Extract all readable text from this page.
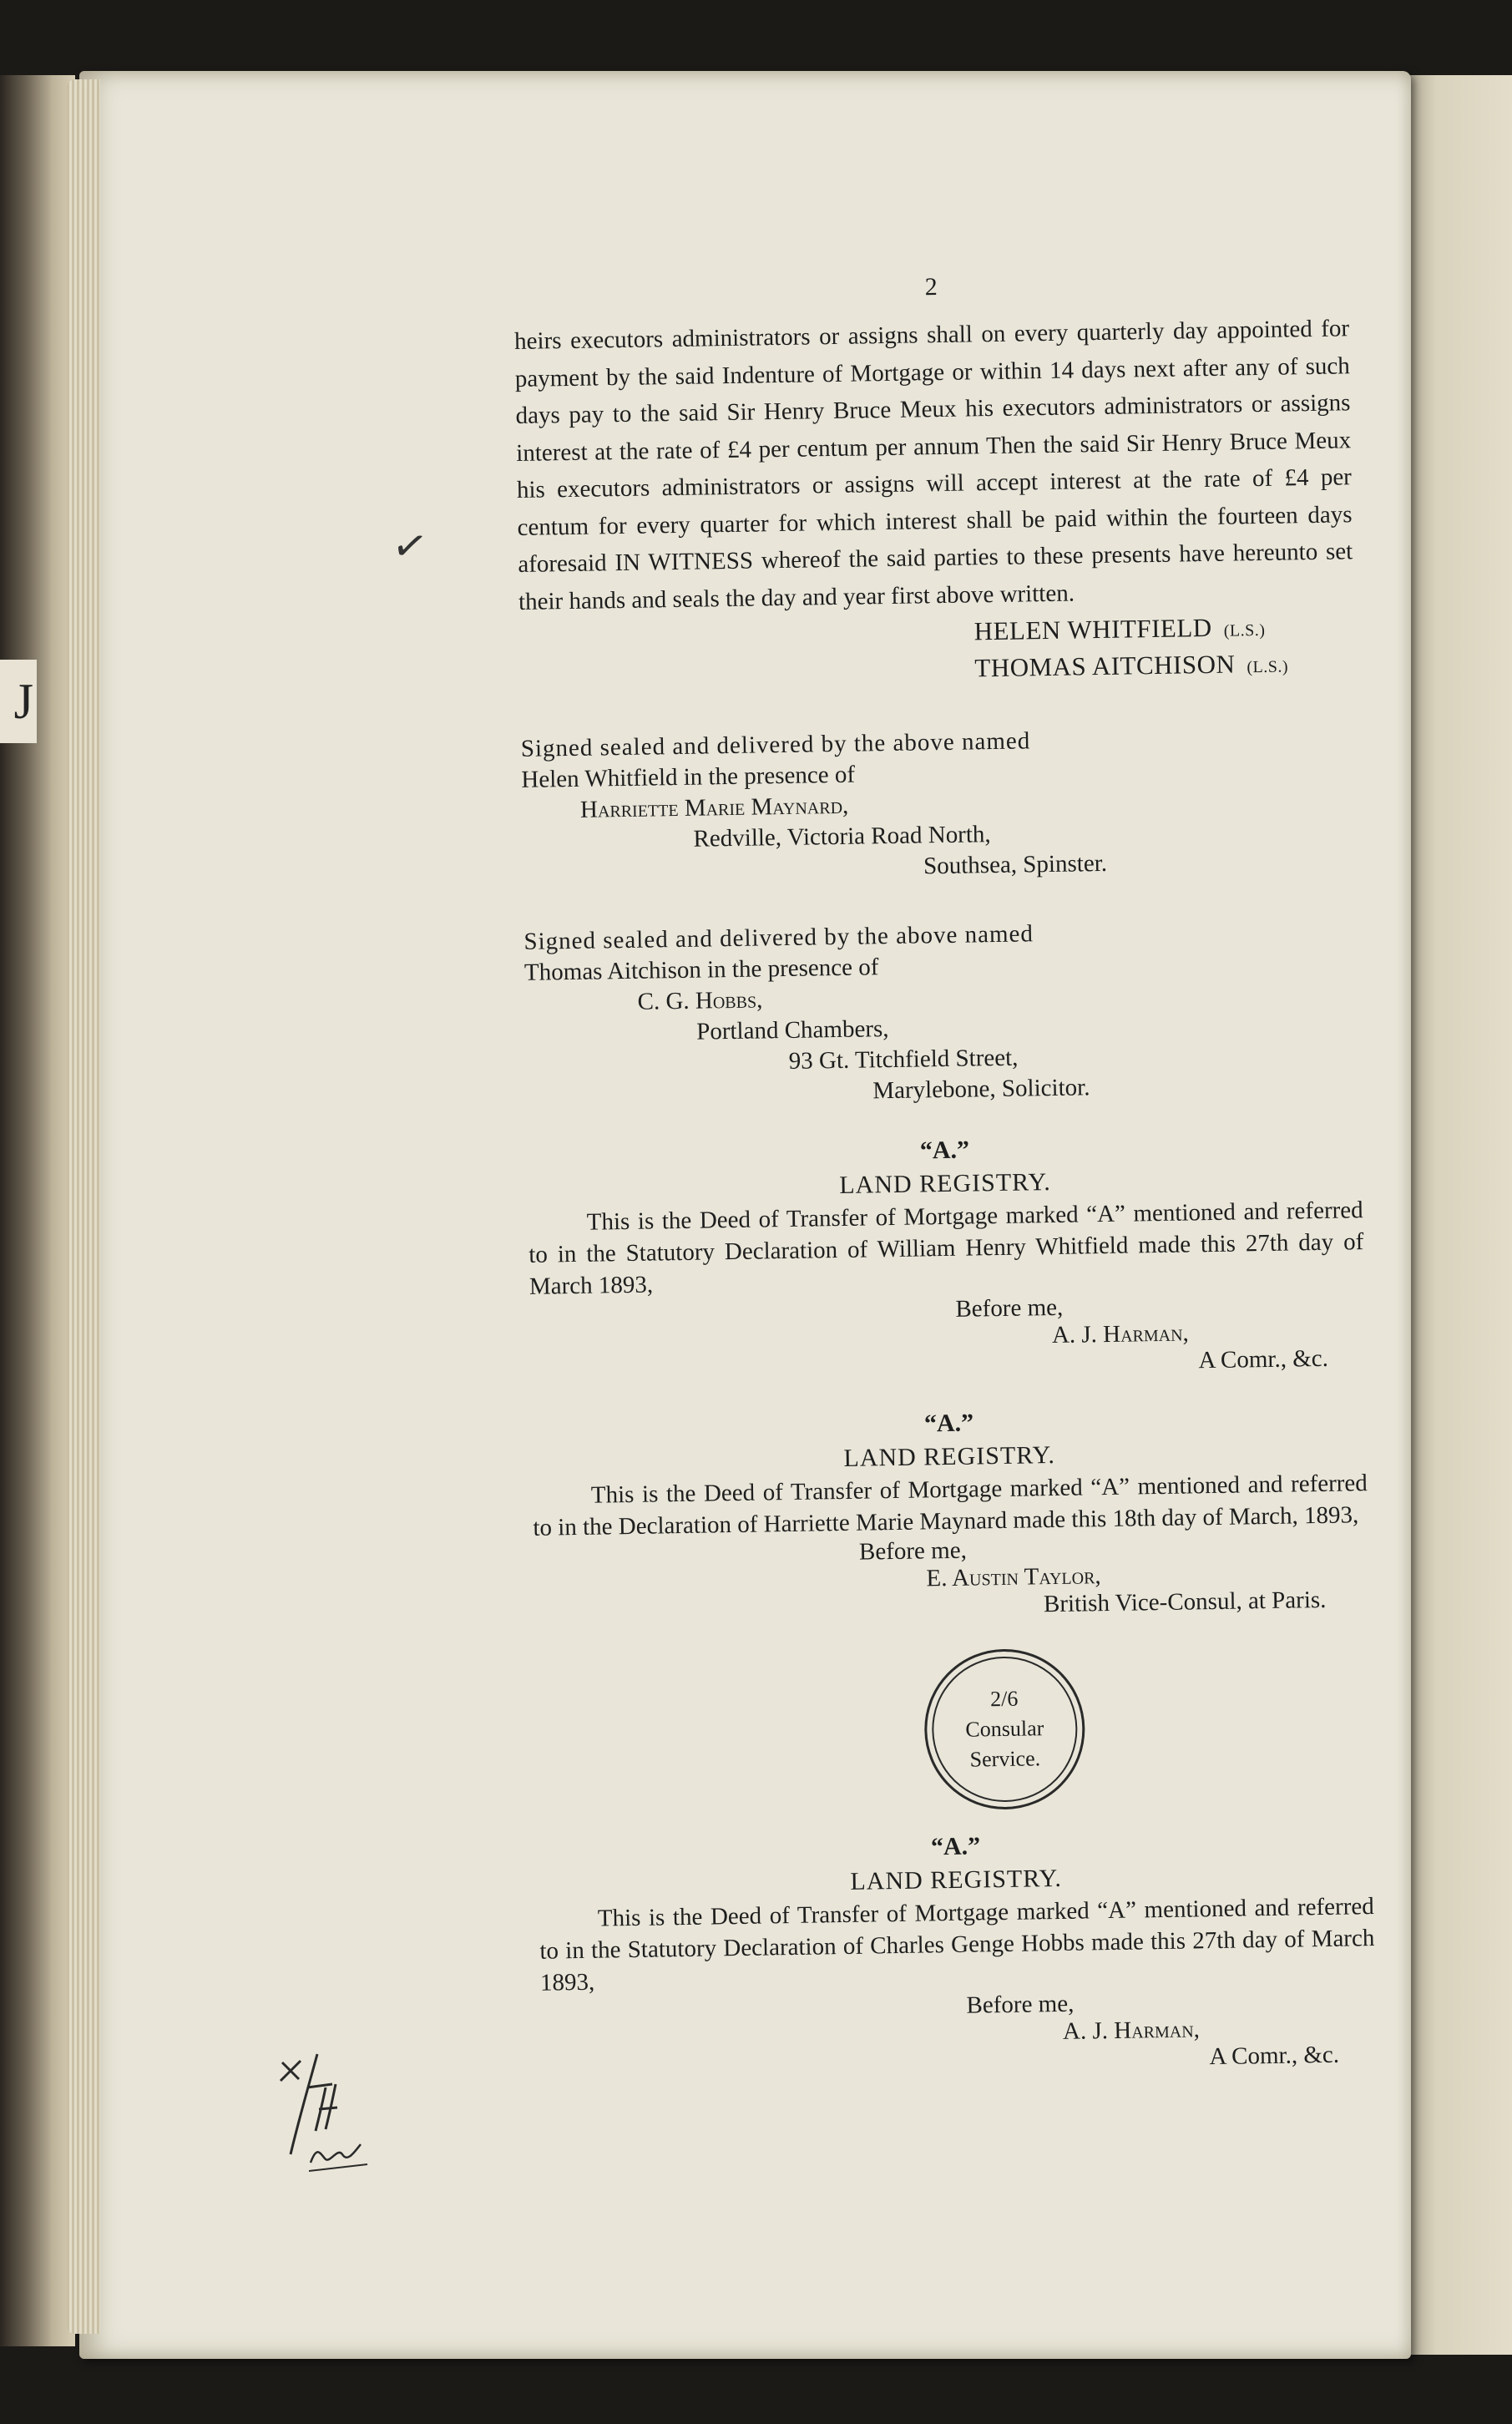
J
✓
2

heirs executors administrators or assigns shall on every quarterly day appointed for payment by the said Indenture of Mortgage or within 14 days next after any of such days pay to the said Sir Henry Bruce Meux his executors administrators or assigns interest at the rate of £4 per centum per annum Then the said Sir Henry Bruce Meux his executors administrators or assigns will accept interest at the rate of £4 per centum for every quarter for which interest shall be paid within the fourteen days aforesaid IN WITNESS whereof the said parties to these presents have hereunto set their hands and seals the day and year first above written.

HELEN WHITFIELD (L.S.)
THOMAS AITCHISON (L.S.)
Signed sealed and delivered by the above named
Helen Whitfield in the presence of
Harriette Marie Maynard,
Redville, Victoria Road North,
Southsea, Spinster.
Signed sealed and delivered by the above named
Thomas Aitchison in the presence of
C. G. Hobbs,
Portland Chambers,
93 Gt. Titchfield Street,
Marylebone, Solicitor.
“A.”
LAND REGISTRY.

This is the Deed of Transfer of Mortgage marked “A” mentioned and referred to in the Statutory Declaration of William Henry Whitfield made this 27th day of March 1893,

Before me,
A. J. Harman,
A Comr., &c.
“A.”
LAND REGISTRY.

This is the Deed of Transfer of Mortgage marked “A” mentioned and referred to in the Declaration of Harriette Marie Maynard made this 18th day of March, 1893,

Before me,
E. Austin Taylor,
British Vice-Consul, at Paris.
2/6
Consular
Service.
“A.”
LAND REGISTRY.

This is the Deed of Transfer of Mortgage marked “A” mentioned and referred to in the Statutory Declaration of Charles Genge Hobbs made this 27th day of March 1893,

Before me,
A. J. Harman,
A Comr., &c.
